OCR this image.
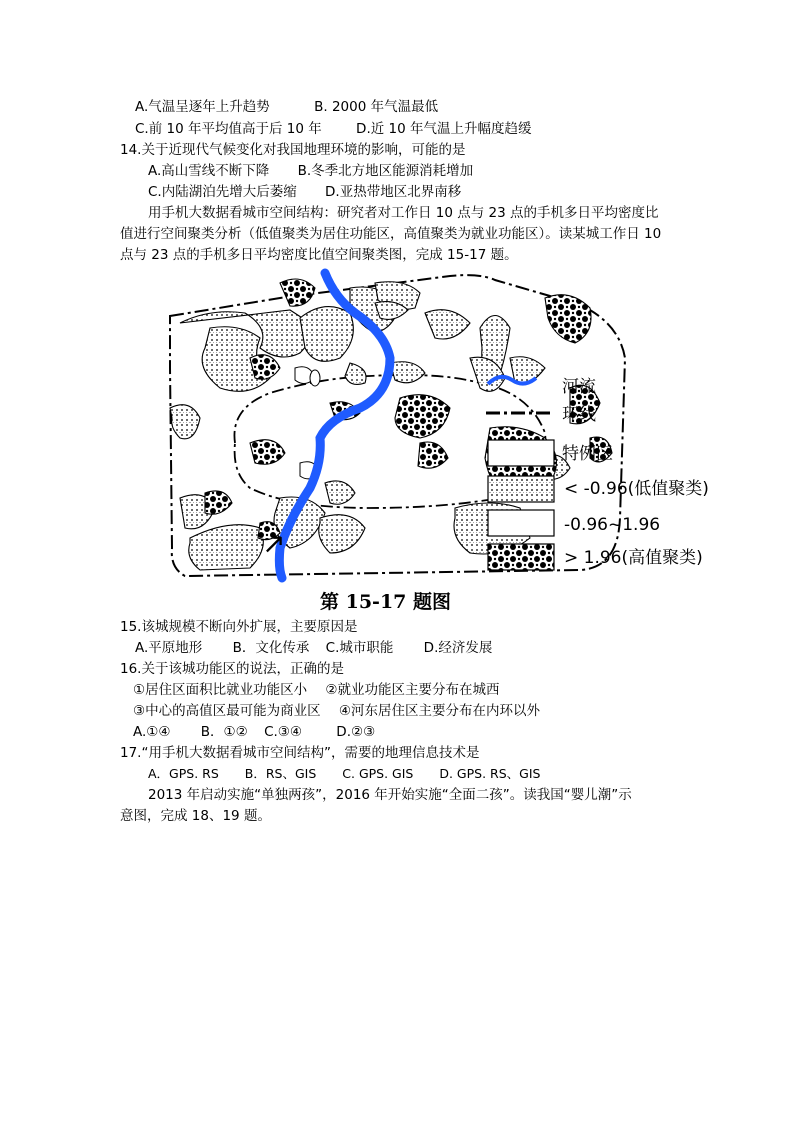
A.气温呈逐年上升趋势	B. 2000 年气温最低
C.前 10 年平均值高于后 10 年	D.近 10 年气温上升幅度趋缓
14.关于近现代气候变化对我国地理环境的影响，可能的是
A.高山雪线不断下降 B.冬季北方地区能源消耗增加
C.内陆湖泊先增大后萎缩 D.亚热带地区北界南移
用手机大数据看城市空间结构：研究者对工作日 10 点与 23 点的手机多日平均密度比
值进行空间聚类分析（低值聚类为居住功能区，高值聚类为就业功能区）。读某城工作日 10
点与 23 点的手机多日平均密度比值空间聚类图，完成 15-17 题。
↗
河流
环线
特例区
< -0.96(低值聚类)
-0.96~1.96
> 1.96(高值聚类)
第 15-17 题图
15.该城规模不断向外扩展，主要原因是
A.平原地形 B．文化传承 C.城市职能 D.经济发展
16.关于该城功能区的说法，正确的是
①居住区面积比就业功能区小 ②就业功能区主要分布在城西
③中心的高值区最可能为商业区 ④河东居住区主要分布在内环以外
A.①④ B．①② C.③④	D.②③
17.“用手机大数据看城市空间结构”，需要的地理信息技术是
A．GPS. RS B．RS、GIS C. GPS. GIS D. GPS. RS、GIS
2013 年启动实施“单独两孩”，2016 年开始实施“全面二孩”。读我国“婴儿潮”示
意图，完成 18、19 题。
